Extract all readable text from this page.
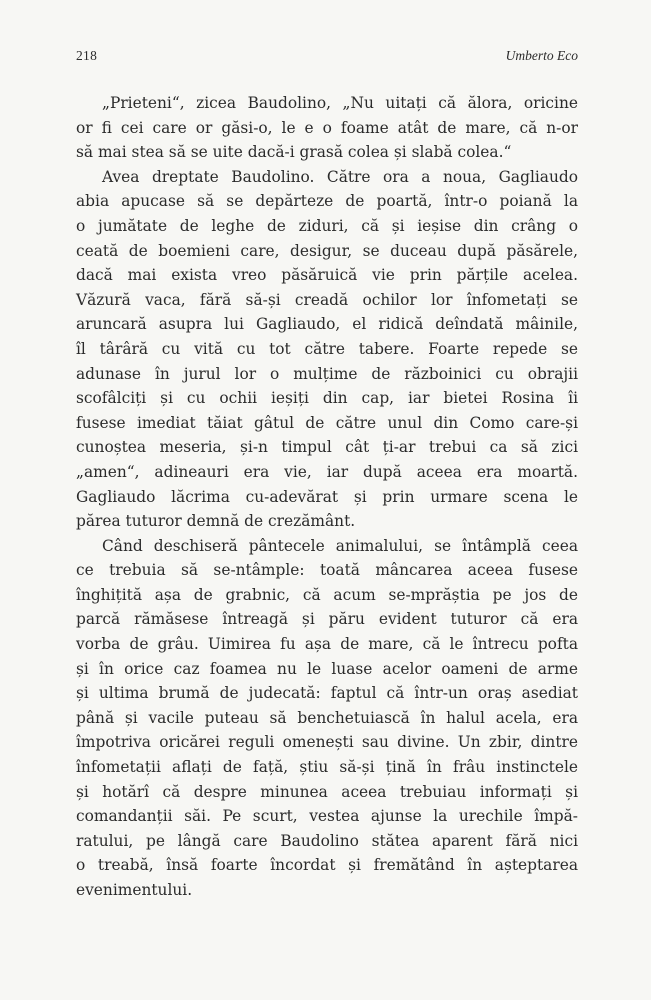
218	Umberto Eco
„Prieteni“, zicea Baudolino, „Nu uitați că ălora, oricine
or fi cei care or găsi-o, le e o foame atât de mare, că n-or
să mai stea să se uite dacă-i grasă colea și slabă colea.“
Avea dreptate Baudolino. Către ora a noua, Gagliaudo
abia apucase să se depărteze de poartă, într-o poiană la
o jumătate de leghe de ziduri, că și ieșise din crâng o
ceată de boemieni care, desigur, se duceau după păsărele,
dacă mai exista vreo păsăruică vie prin părțile acelea.
Văzură vaca, fără să-și creadă ochilor lor înfometați se
aruncară asupra lui Gagliaudo, el ridică deîndată mâinile,
îl târâră cu vită cu tot către tabere. Foarte repede se
adunase în jurul lor o mulțime de războinici cu obrajii
scofâlciți și cu ochii ieșiți din cap, iar bietei Rosina îi
fusese imediat tăiat gâtul de către unul din Como care-și
cunoștea meseria, și-n timpul cât ți-ar trebui ca să zici
„amen“, adineauri era vie, iar după aceea era moartă.
Gagliaudo lăcrima cu-adevărat și prin urmare scena le
părea tuturor demnă de crezământ.
Când deschiseră pântecele animalului, se întâmplă ceea
ce trebuia să se-ntâmple: toată mâncarea aceea fusese
înghițită așa de grabnic, că acum se-mprăștia pe jos de
parcă rămăsese întreagă și păru evident tuturor că era
vorba de grâu. Uimirea fu așa de mare, că le întrecu pofta
și în orice caz foamea nu le luase acelor oameni de arme
și ultima brumă de judecată: faptul că într-un oraș asediat
până și vacile puteau să benchetuiască în halul acela, era
împotriva oricărei reguli omenești sau divine. Un zbir, dintre
înfometații aflați de față, știu să-și țină în frâu instinctele
și hotărî că despre minunea aceea trebuiau informați și
comandanții săi. Pe scurt, vestea ajunse la urechile împă-
ratului, pe lângă care Baudolino stătea aparent fără nici
o treabă, însă foarte încordat și fremătând în așteptarea
evenimentului.
